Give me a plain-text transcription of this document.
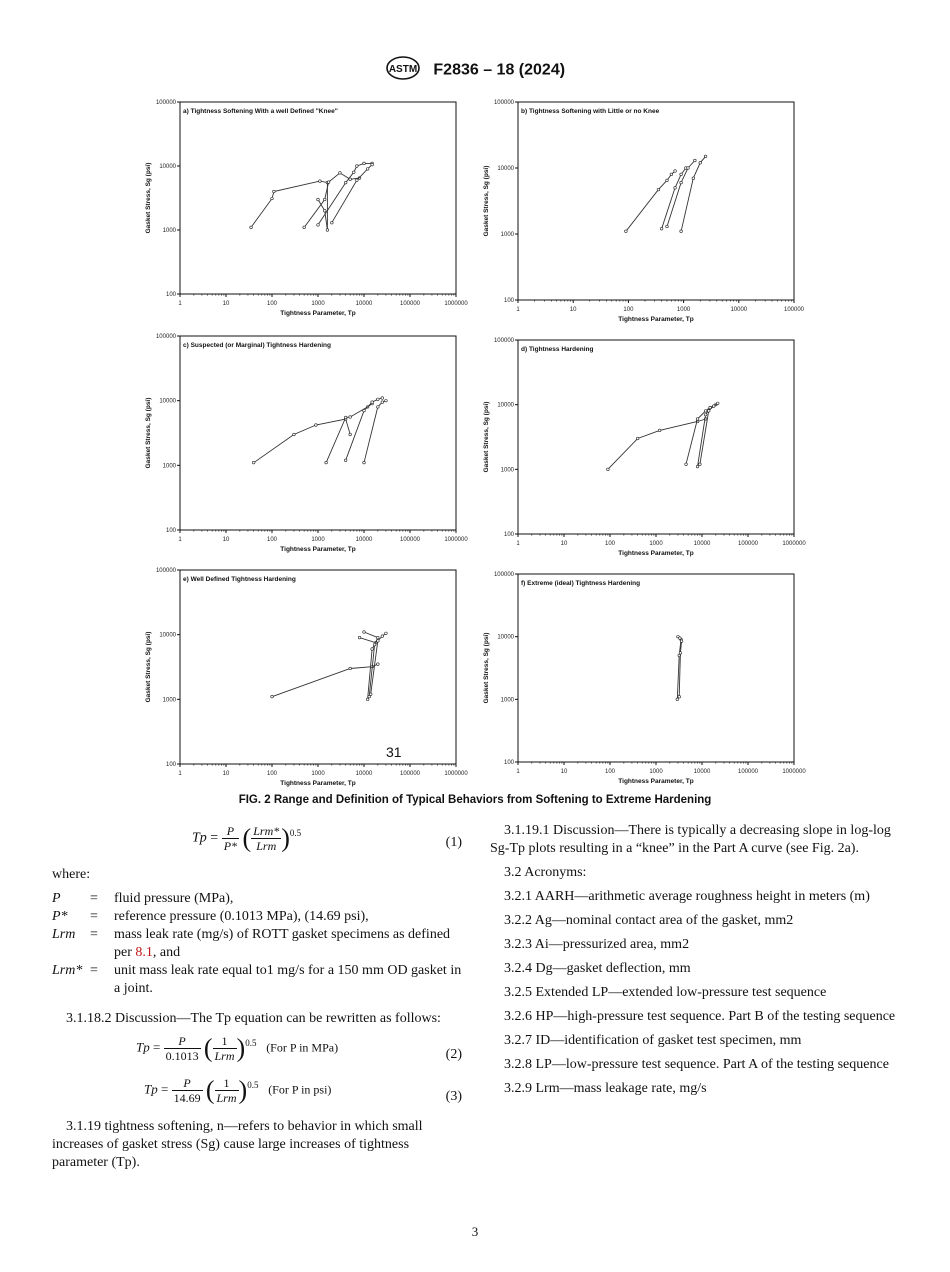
ASTM F2836 – 18 (2024)
1	10	100	1000	10000	100000	1000000
100
1000
10000
100000
Tightness Parameter, Tp
Gasket Stress, Sg (psi)
a) Tightness Softening With a well Defined "Knee"
1	10	100	1000	10000	100000
100
1000
10000
100000
Tightness Parameter, Tp
Gasket Stress, Sg (psi)
b) Tightness Softening with Little or no Knee
1	10	100	1000	10000	100000	1000000
100
1000
10000
100000
Tightness Parameter, Tp
Gasket Stress, Sg (psi)
c) Suspected (or Marginal) Tightness Hardening
1	10	100	1000	10000	100000	1000000
100
1000
10000
100000
Tightness Parameter, Tp
Gasket Stress, Sg (psi)
d) Tightness Hardening
1	10	100	1000	10000	100000	1000000
100
1000
10000
100000
Tightness Parameter, Tp
Gasket Stress, Sg (psi)
e) Well Defined Tightness Hardening
1	10	100	1000	10000	100000	1000000
100
1000
10000
100000
Tightness Parameter, Tp
Gasket Stress, Sg (psi)
f) Extreme (ideal) Tightness Hardening
31
FIG. 2 Range and Definition of Typical Behaviors from Softening to Extreme Hardening
$Tp = \frac{P}{P*}$ ( $\frac{\text{Lrm*}}{\text{Lrm}} )^{0.5}$
(1)

where:

P	=	fluid pressure (MPa),
P*	=	reference pressure (0.1013 MPa), (14.69 psi),
Lrm	=	mass leak rate (mg/s) of ROTT gasket specimens as defined per 8.1, and
Lrm* =	unit mass leak rate equal to1 mg/s for a 150 mm OD gasket in a joint.

3.1.18.2 Discussion—The Tp equation can be rewritten as follows:

$Tp = \frac{P}{0.1013}$ ( $\frac{1}{\text{Lrm}} )^{0.5}$ (For P in MPa)	(2)
$Tp = \frac{P}{14.69}$ ( $\frac{1}{\text{Lrm}} )^{0.5}$ (For P in psi)	(3)

3.1.19 tightness softening, n—refers to behavior in which small increases of gasket stress (Sg) cause large increases of tightness parameter (Tp).

3.1.19.1 Discussion—There is typically a decreasing slope in log-log Sg-Tp plots resulting in a “knee” in the Part A curve (see Fig. 2a).

3.2 Acronyms:

3.2.1 AARH—arithmetic average roughness height in meters (m)

3.2.2 Ag—nominal contact area of the gasket, mm2

3.2.3 Ai—pressurized area, mm2

3.2.4 Dg—gasket deflection, mm

3.2.5 Extended LP—extended low-pressure test sequence

3.2.6 HP—high-pressure test sequence. Part B of the testing sequence

3.2.7 ID—identification of gasket test specimen, mm

3.2.8 LP—low-pressure test sequence. Part A of the testing sequence

3.2.9 Lrm—mass leakage rate, mg/s

3
